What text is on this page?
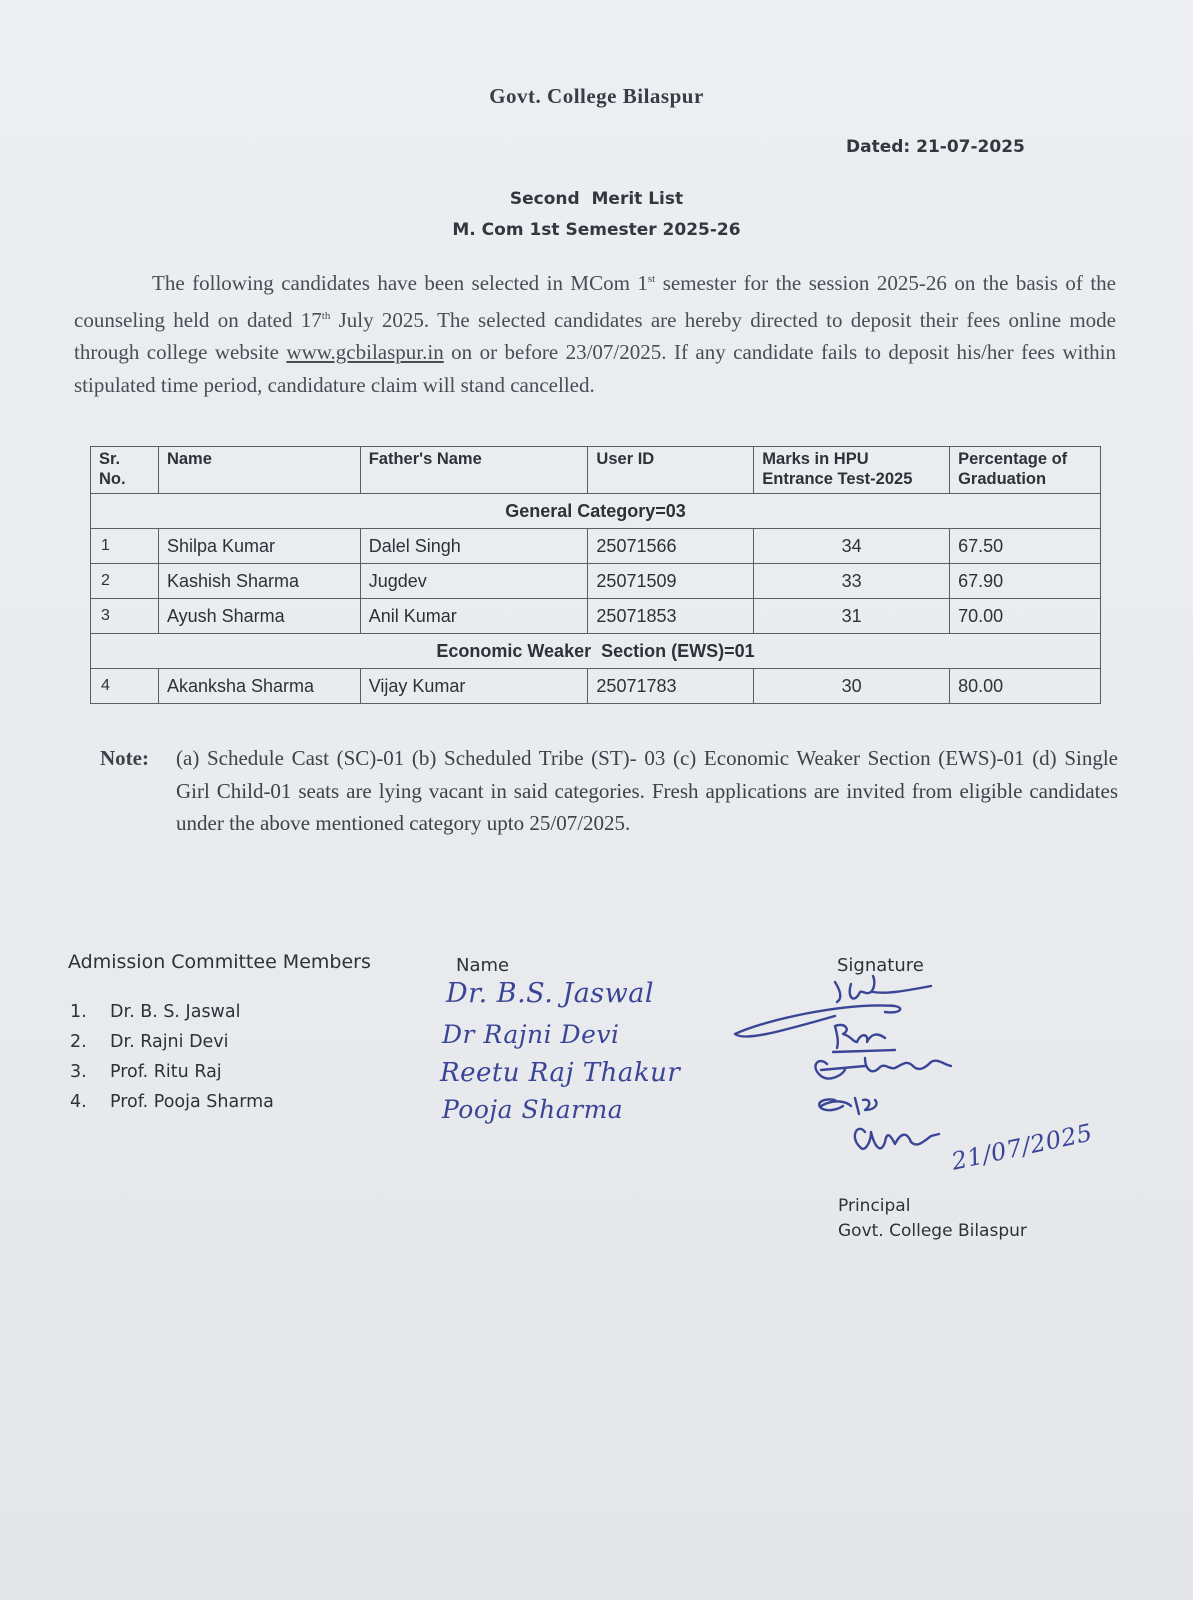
Govt. College Bilaspur
Dated: 21-07-2025
Second  Merit List
M. Com 1st Semester 2025-26
The following candidates have been selected in MCom 1st semester for the session 2025-26 on the basis of the counseling held on dated 17th July 2025. The selected candidates are hereby directed to deposit their fees online mode through college website www.gcbilaspur.in on or before 23/07/2025. If any candidate fails to deposit his/her fees within stipulated time period, candidature claim will stand cancelled.
Sr. No.	Name	Father's Name	User ID	Marks in HPU Entrance Test-2025	Percentage of Graduation
General Category=03					
1	Shilpa Kumar	Dalel Singh	25071566	34	67.50
2	Kashish Sharma	Jugdev	25071509	33	67.90
3	Ayush Sharma	Anil Kumar	25071853	31	70.00
Economic Weaker  Section (EWS)=01					
4	Akanksha Sharma	Vijay Kumar	25071783	30	80.00
Note: (a) Schedule Cast (SC)-01 (b) Scheduled Tribe (ST)- 03 (c) Economic Weaker Section (EWS)-01 (d) Single Girl Child-01 seats are lying vacant in said categories. Fresh applications are invited from eligible candidates under the above mentioned category upto 25/07/2025.
Admission Committee Members	Name	Signature
1. Dr. B. S. Jaswal
2. Dr. Rajni Devi
3. Prof. Ritu Raj
4. Prof. Pooja Sharma
Dr. B.S. Jaswal
Dr Rajni Devi
Reetu Raj Thakur
Pooja Sharma
21/07/2025
Principal
Govt. College Bilaspur
